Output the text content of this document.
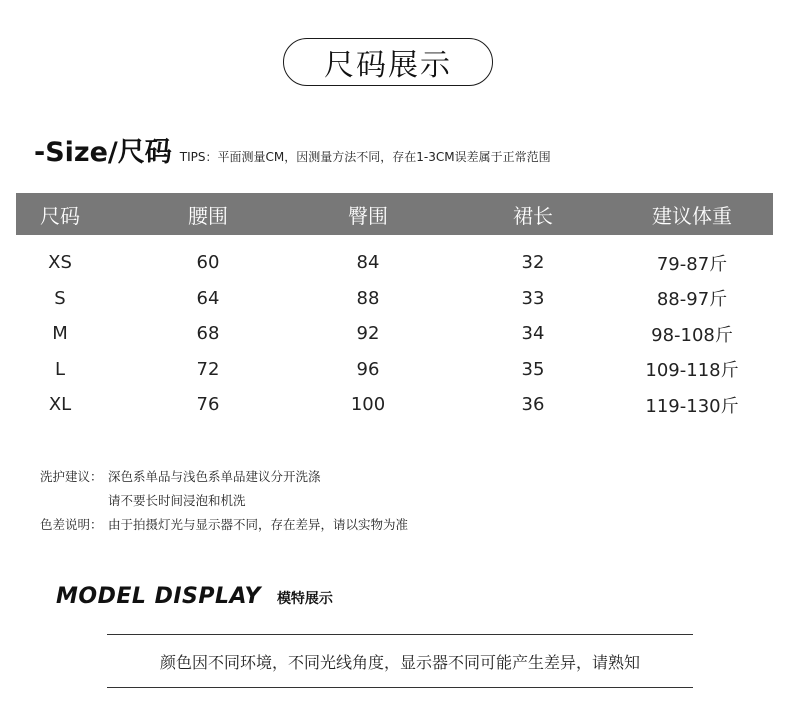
尺码展示
-Size/尺码 TIPS：平面测量CM，因测量方法不同，存在1-3CM误差属于正常范围
尺码	腰围	臀围	裙长	建议体重
XS	60	84	32	79-87斤
S	64	88	33	88-97斤
M	68	92	34	98-108斤
L	72	96	35	109-118斤
XL	76	100	36	119-130斤
洗护建议： 深色系单品与浅色系单品建议分开洗涤
请不要长时间浸泡和机洗
色差说明： 由于拍摄灯光与显示器不同，存在差异，请以实物为准
MODEL DISPLAY 模特展示
颜色因不同环境，不同光线角度，显示器不同可能产生差异，请熟知
